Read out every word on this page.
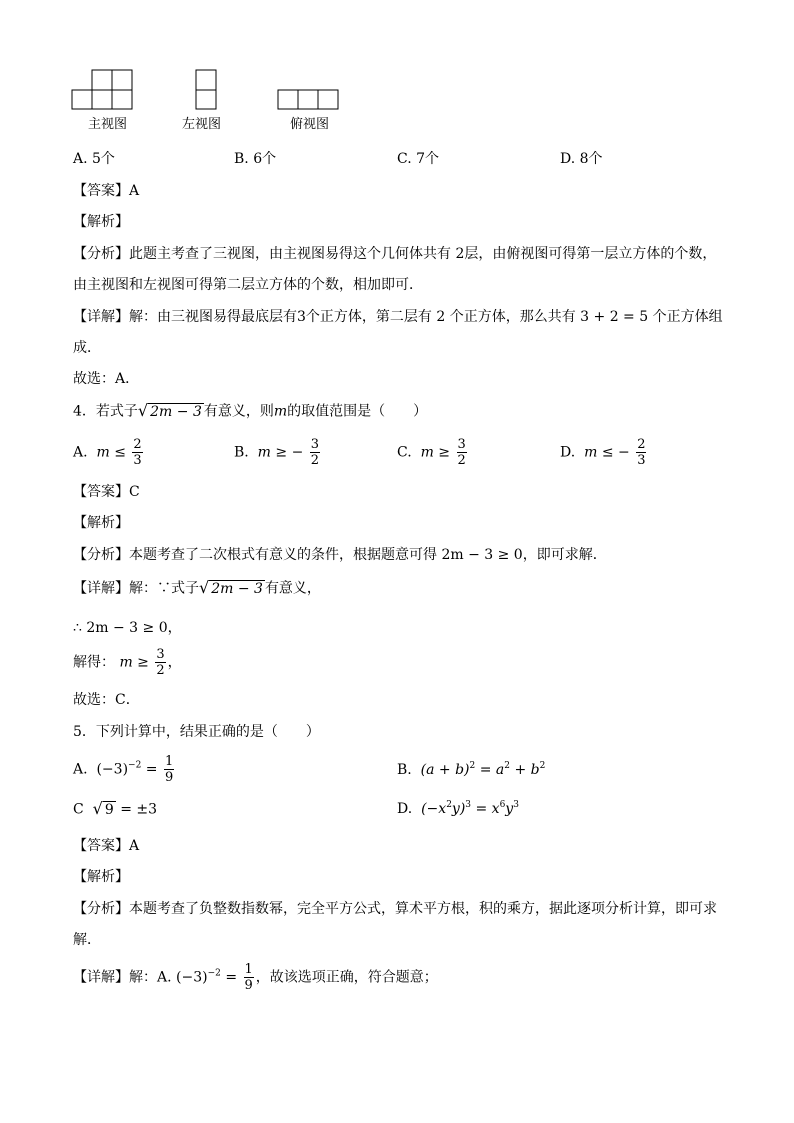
主视图	左视图	俯视图
A. 5个	B. 6个	C. 7个	D. 8个
【答案】A
【解析】
【分析】此题主考查了三视图，由主视图易得这个几何体共有 2层，由俯视图可得第一层立方体的个数，
由主视图和左视图可得第二层立方体的个数，相加即可．
【详解】解：由三视图易得最底层有3个正方体，第二层有 2 个正方体，那么共有 3 + 2 = 5 个正方体组
成．
故选：A．
4．若式子 √ 2m − 3 有意义，则m的取值范围是（　　）
A. $m \le \frac{2}{3}$	B. m ≥ − $\frac{3}{2}$	C. $m \ge \frac{3}{2}$	D. m ≤ − $\frac{2}{3}$
【答案】C
【解析】
【分析】本题考查了二次根式有意义的条件，根据题意可得 2m − 3 ≥ 0，即可求解．
【详解】解：∵式子 √ 2m − 3 有意义，
∴ 2m − 3 ≥ 0，
解得： $m \ge \frac{3}{2}$ ，
故选：C．
5．下列计算中，结果正确的是（　　）
A. $(-3)^{-2} = \frac{1}{9}$	B. $(a + b)^2 = a^2 + b^2$
C √ 9 = ±3	D. $(-x^2y)^3 = x^6y^3$
【答案】A
【解析】
【分析】本题考查了负整数指数幂，完全平方公式，算术平方根，积的乘方，据此逐项分析计算，即可求
解．
【详解】解：A. $(-3)^{-2} = \frac{1}{9}$ ，故该选项正确，符合题意；
